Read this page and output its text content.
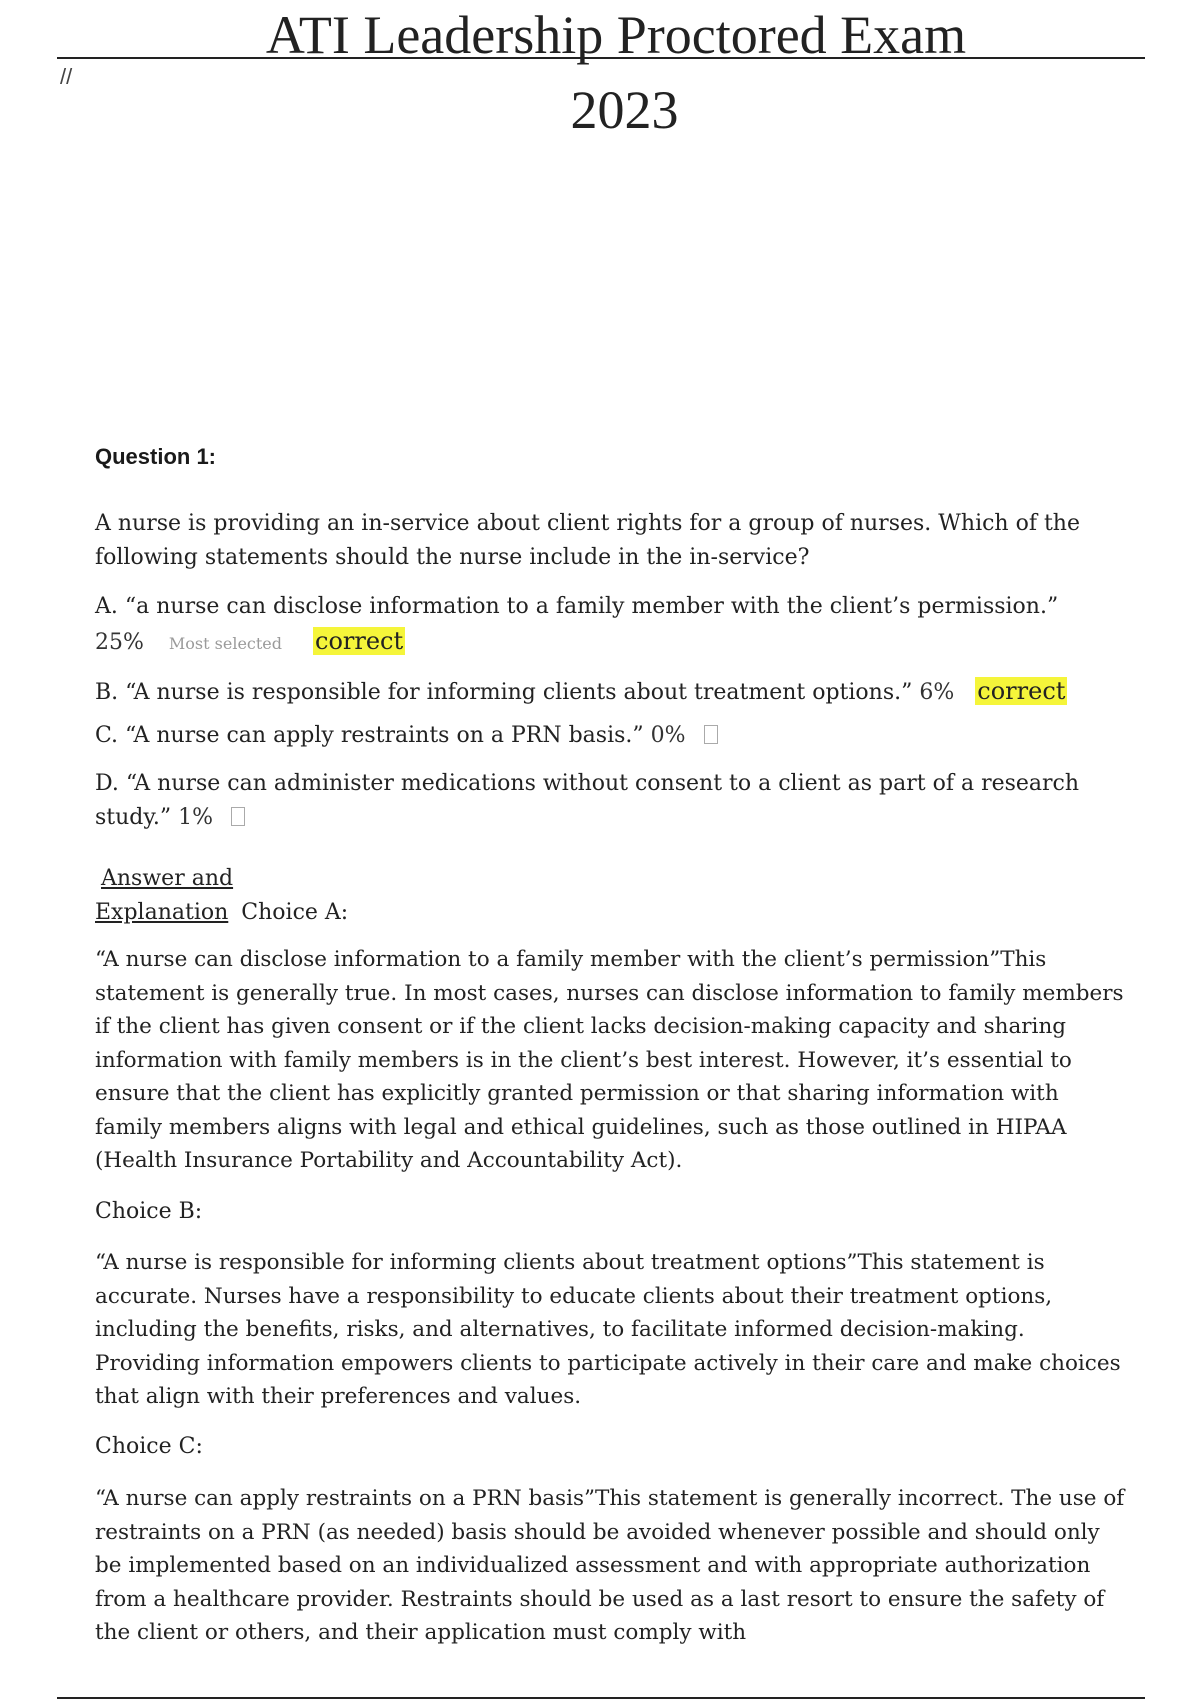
ATI Leadership Proctored Exam
2023
//
Question 1:
A nurse is providing an in-service about client rights for a group of nurses. Which of the following statements should the nurse include in the in-service?
A. “a nurse can disclose information to a family member with the client’s permission.”
25% Most selected correct
B. “A nurse is responsible for informing clients about treatment options.” 6% correct
C. “A nurse can apply restraints on a PRN basis.” 0%
D. “A nurse can administer medications without consent to a client as part of a research study.” 1%
Answer and
Explanation Choice A:
“A nurse can disclose information to a family member with the client’s permission”This statement is generally true. In most cases, nurses can disclose information to family members if the client has given consent or if the client lacks decision-making capacity and sharing information with family members is in the client’s best interest. However, it’s essential to ensure that the client has explicitly granted permission or that sharing information with family members aligns with legal and ethical guidelines, such as those outlined in HIPAA (Health Insurance Portability and Accountability Act).
Choice B:
“A nurse is responsible for informing clients about treatment options”This statement is accurate. Nurses have a responsibility to educate clients about their treatment options, including the benefits, risks, and alternatives, to facilitate informed decision-making. Providing information empowers clients to participate actively in their care and make choices that align with their preferences and values.
Choice C:
“A nurse can apply restraints on a PRN basis”This statement is generally incorrect. The use of restraints on a PRN (as needed) basis should be avoided whenever possible and should only be implemented based on an individualized assessment and with appropriate authorization from a healthcare provider. Restraints should be used as a last resort to ensure the safety of the client or others, and their application must comply with
